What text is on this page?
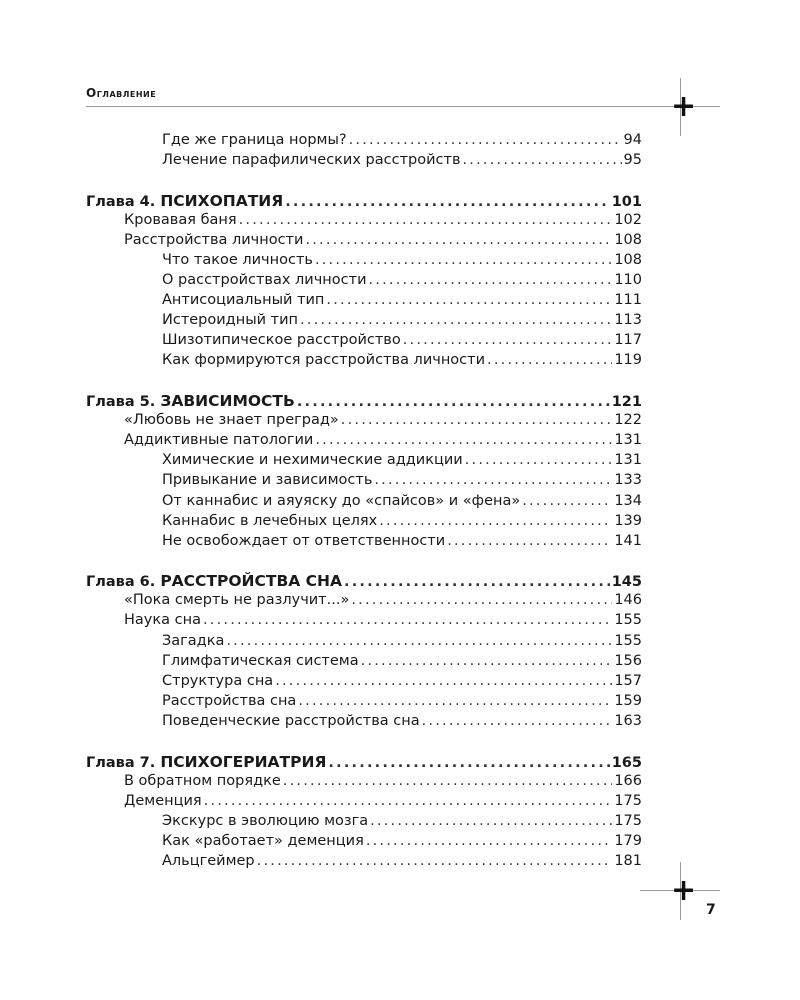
Оглавление	+
+
Где же граница нормы? .....	94
Лечение парафилических расстройств .....	95
Глава 4. ПСИХОПАТИЯ .....	101
Кровавая баня .....	102
Расстройства личности .....	108
Что такое личность .....	108
О расстройствах личности .....	110
Антисоциальный тип .....	111
Истероидный тип .....	113
Шизотипическое расстройство .....	117
Как формируются расстройства личности .....	119
Глава 5. ЗАВИСИМОСТЬ .....	121
«Любовь не знает преград» .....	122
Аддиктивные патологии .....	131
Химические и нехимические аддикции .....	131
Привыкание и зависимость .....	133
От каннабис и аяуяску до «спайсов» и «фена» .....	134
Каннабис в лечебных целях .....	139
Не освобождает от ответственности .....	141
Глава 6. РАССТРОЙСТВА СНА .....	145
«Пока смерть не разлучит...» .....	146
Наука сна .....	155
Загадка .....	155
Глимфатическая система .....	156
Структура сна .....	157
Расстройства сна .....	159
Поведенческие расстройства сна .....	163
Глава 7. ПСИХОГЕРИАТРИЯ .....	165
В обратном порядке .....	166
Деменция .....	175
Экскурс в эволюцию мозга .....	175
Как «работает» деменция .....	179
Альцгеймер .....	181
7
